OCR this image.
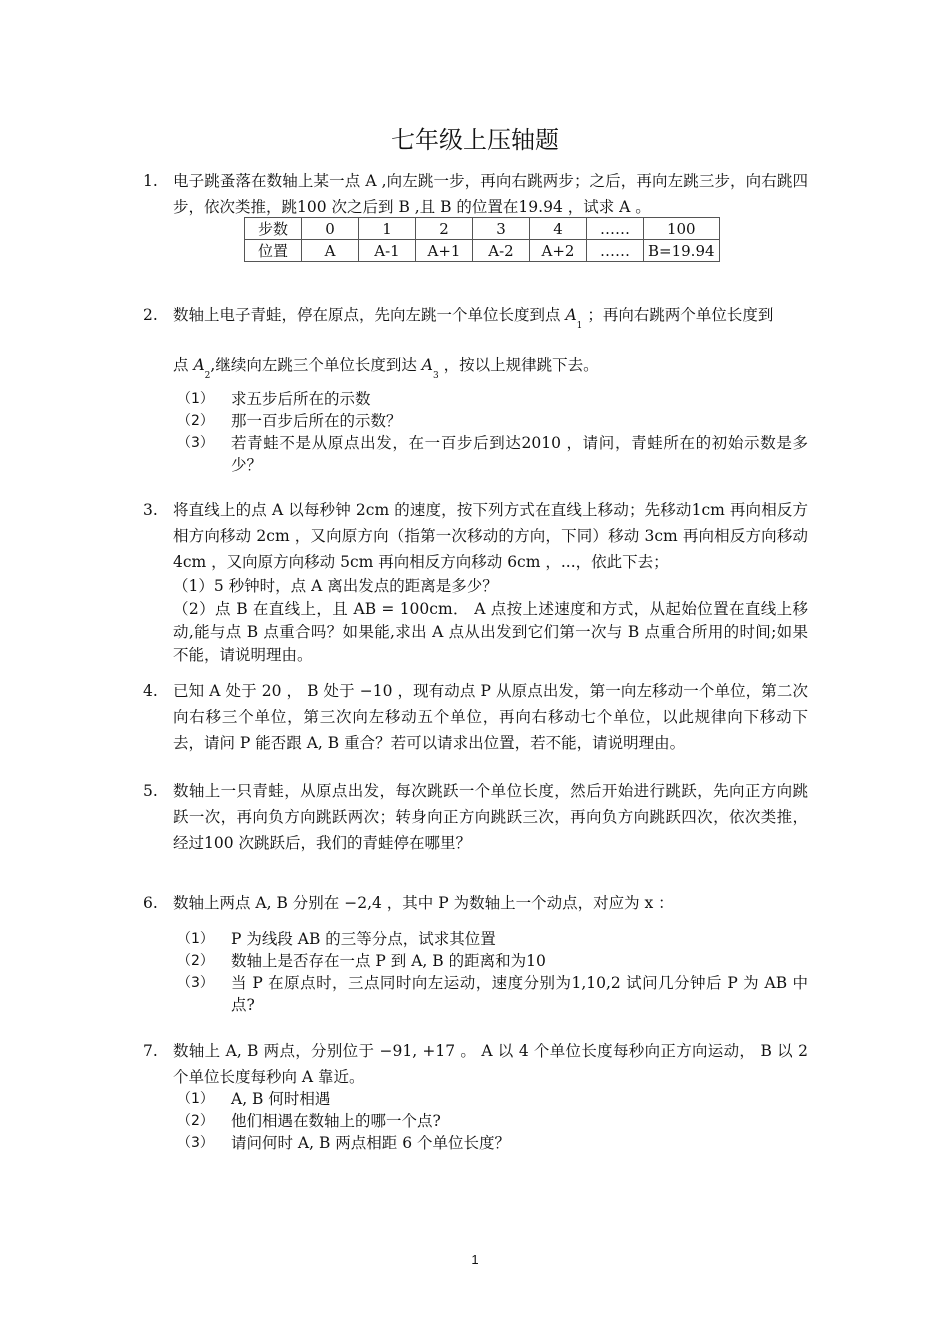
七年级上压轴题
1. 电子跳蚤落在数轴上某一点 A ,向左跳一步，再向右跳两步；之后，再向左跳三步，向右跳四步，依次类推，跳100 次之后到 B ,且 B 的位置在19.94 ，试求 A 。
步数	0	1	2	3	4	……	100
位置	A	A-1	A+1	A-2	A+2	……	B=19.94
2. 数轴上电子青蛙，停在原点，先向左跳一个单位长度到点 $A_1$ ；再向右跳两个单位长度到
点 $A_2$,继续向左跳三个单位长度到达 $A_3$ ，按以上规律跳下去。
（1） 求五步后所在的示数
（2） 那一百步后所在的示数？
（3） 若青蛙不是从原点出发，在一百步后到达2010 ，请问，青蛙所在的初始示数是多少？
3. 将直线上的点 A 以每秒钟 2cm 的速度，按下列方式在直线上移动；先移动1cm 再向相反方相方向移动 2cm ，又向原方向（指第一次移动的方向，下同）移动 3cm 再向相反方向移动 4cm ，又向原方向移动 5cm 再向相反方向移动 6cm ，...，依此下去；
（1）5 秒钟时，点 A 离出发点的距离是多少？
（2）点 B 在直线上，且 AB = 100cm． A 点按上述速度和方式，从起始位置在直线上移动,能与点 B 点重合吗？如果能,求出 A 点从出发到它们第一次与 B 点重合所用的时间;如果不能，请说明理由。
4. 已知 A 处于 20 ， B 处于 −10 ，现有动点 P 从原点出发，第一向左移动一个单位，第二次向右移三个单位，第三次向左移动五个单位，再向右移动七个单位，以此规律向下移动下去，请问 P 能否跟 A, B 重合？若可以请求出位置，若不能，请说明理由。
5. 数轴上一只青蛙，从原点出发，每次跳跃一个单位长度，然后开始进行跳跃，先向正方向跳跃一次，再向负方向跳跃两次；转身向正方向跳跃三次，再向负方向跳跃四次，依次类推，经过100 次跳跃后，我们的青蛙停在哪里？
6. 数轴上两点 A, B 分别在 −2,4 ，其中 P 为数轴上一个动点，对应为 x ：
（1） P 为线段 AB 的三等分点，试求其位置
（2） 数轴上是否存在一点 P 到 A, B 的距离和为10
（3） 当 P 在原点时，三点同时向左运动，速度分别为1,10,2 试问几分钟后 P 为 AB 中点?
7. 数轴上 A, B 两点，分别位于 −91, +17 。 A 以 4 个单位长度每秒向正方向运动， B 以 2 个单位长度每秒向 A 靠近。
（1） A, B 何时相遇
（2） 他们相遇在数轴上的哪一个点?
（3） 请问何时 A, B 两点相距 6 个单位长度？
1
